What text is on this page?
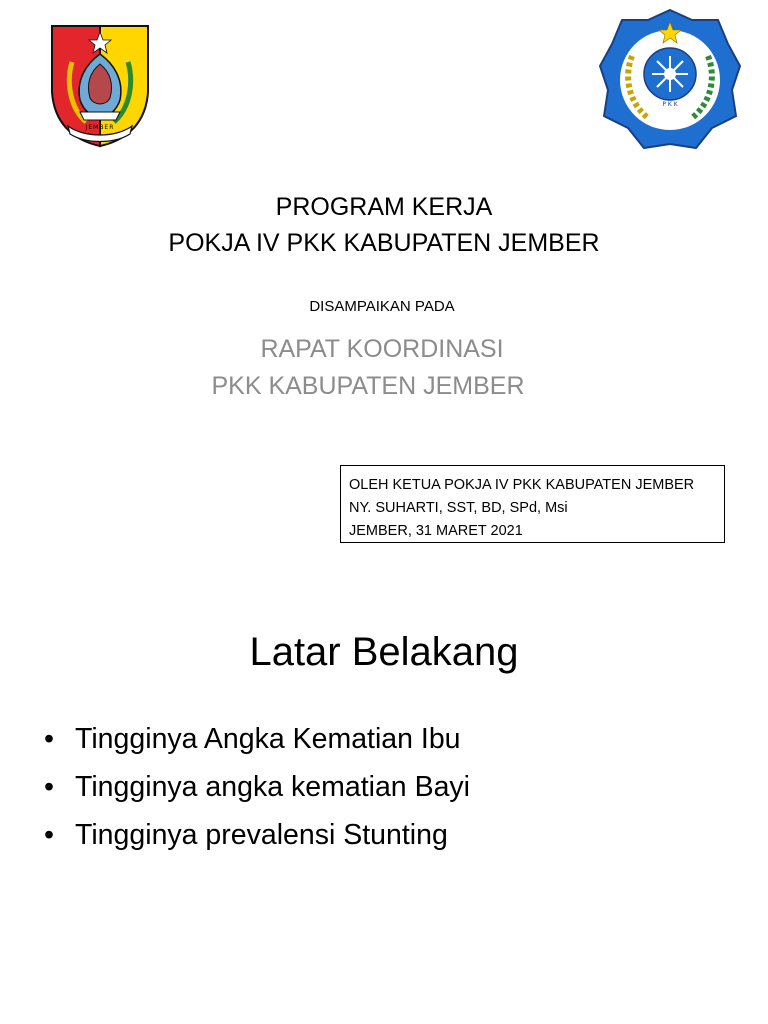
JEMBER
P K K
PROGRAM KERJA
POKJA IV PKK KABUPATEN JEMBER
DISAMPAIKAN PADA
RAPAT KOORDINASI
PKK KABUPATEN JEMBER
OLEH KETUA POKJA IV PKK KABUPATEN JEMBER
NY. SUHARTI, SST, BD, SPd, Msi
JEMBER, 31 MARET 2021
Latar Belakang
• Tingginya Angka Kematian Ibu
• Tingginya angka kematian Bayi
• Tingginya prevalensi Stunting
